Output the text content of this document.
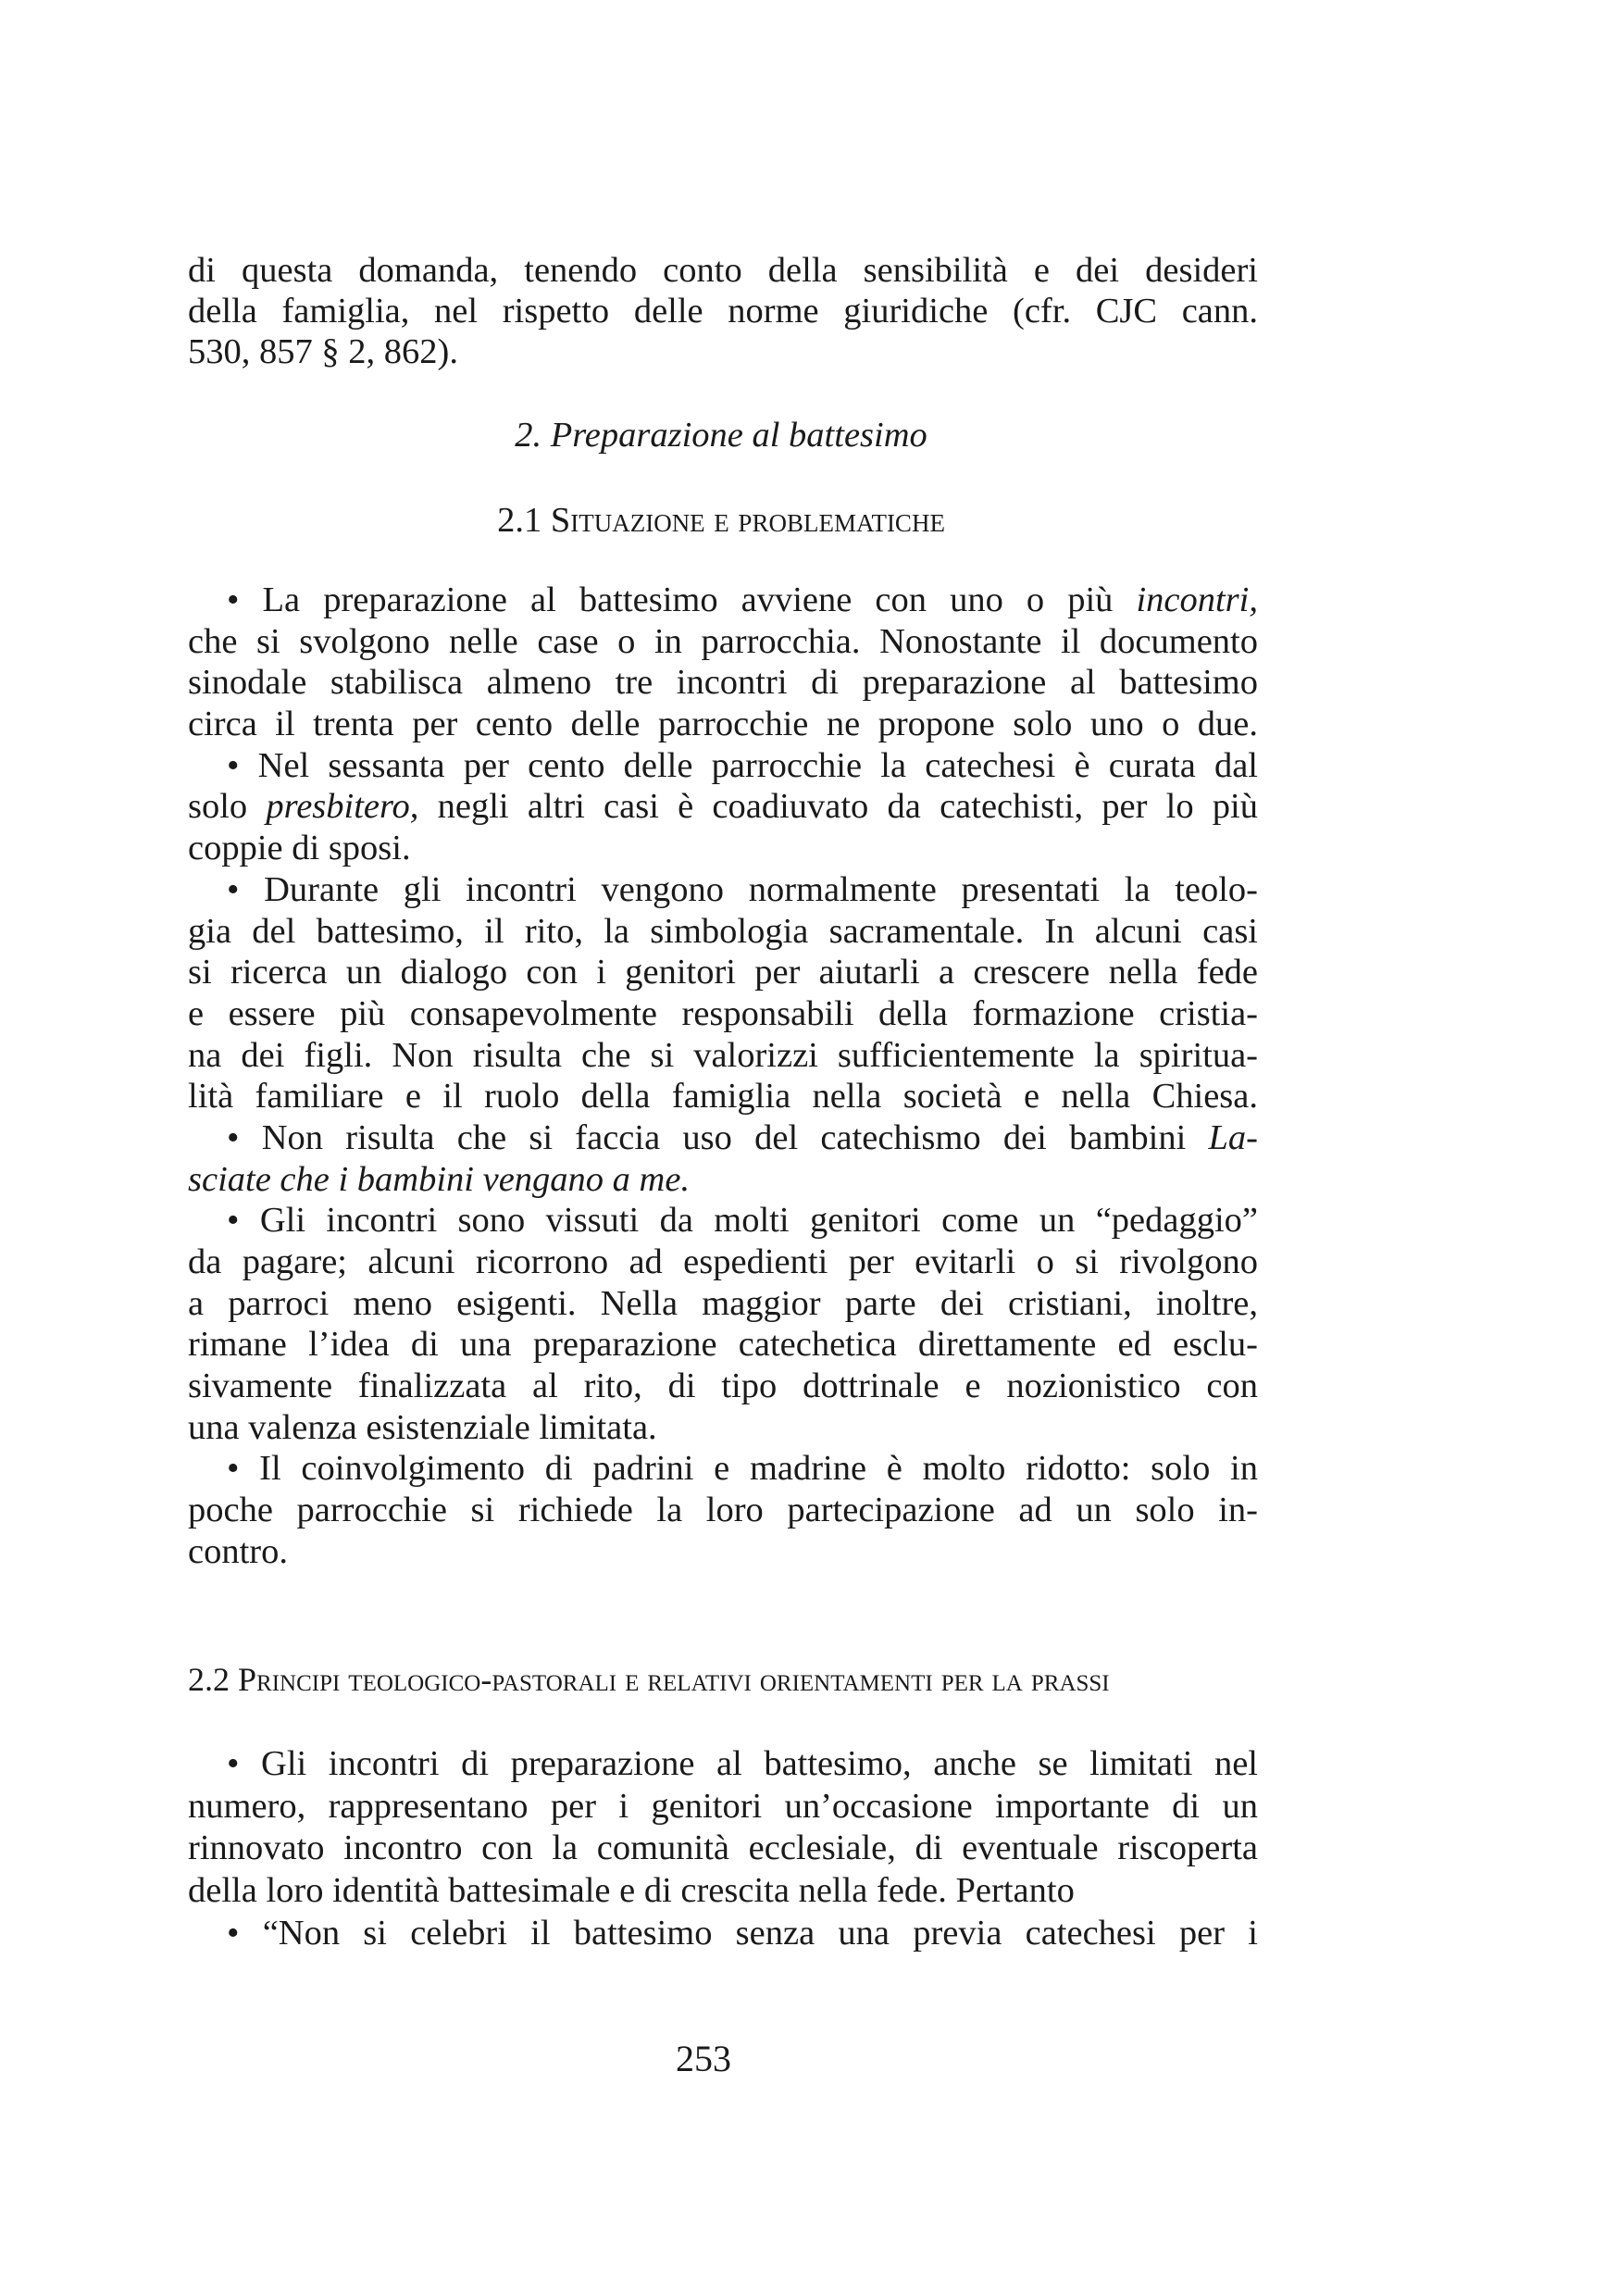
di questa domanda, tenendo conto della sensibilità e dei desideri
della famiglia, nel rispetto delle norme giuridiche (cfr. CJC cann.
530, 857 § 2, 862).
2. Preparazione al battesimo
2.1 Situazione e problematiche
• La preparazione al battesimo avviene con uno o più incontri,
che si svolgono nelle case o in parrocchia. Nonostante il documento
sinodale stabilisca almeno tre incontri di preparazione al battesimo
circa il trenta per cento delle parrocchie ne propone solo uno o due.
• Nel sessanta per cento delle parrocchie la catechesi è curata dal
solo presbitero, negli altri casi è coadiuvato da catechisti, per lo più
coppie di sposi.
• Durante gli incontri vengono normalmente presentati la teolo-
gia del battesimo, il rito, la simbologia sacramentale. In alcuni casi
si ricerca un dialogo con i genitori per aiutarli a crescere nella fede
e essere più consapevolmente responsabili della formazione cristia-
na dei figli. Non risulta che si valorizzi sufficientemente la spiritua-
lità familiare e il ruolo della famiglia nella società e nella Chiesa.
• Non risulta che si faccia uso del catechismo dei bambini La-
sciate che i bambini vengano a me.
• Gli incontri sono vissuti da molti genitori come un “pedaggio”
da pagare; alcuni ricorrono ad espedienti per evitarli o si rivolgono
a parroci meno esigenti. Nella maggior parte dei cristiani, inoltre,
rimane l’idea di una preparazione catechetica direttamente ed esclu-
sivamente finalizzata al rito, di tipo dottrinale e nozionistico con
una valenza esistenziale limitata.
• Il coinvolgimento di padrini e madrine è molto ridotto: solo in
poche parrocchie si richiede la loro partecipazione ad un solo in-
contro.
2.2 Principi teologico-pastorali e relativi orientamenti per la prassi
• Gli incontri di preparazione al battesimo, anche se limitati nel
numero, rappresentano per i genitori un’occasione importante di un
rinnovato incontro con la comunità ecclesiale, di eventuale riscoperta
della loro identità battesimale e di crescita nella fede. Pertanto
• “Non si celebri il battesimo senza una previa catechesi per i
253
